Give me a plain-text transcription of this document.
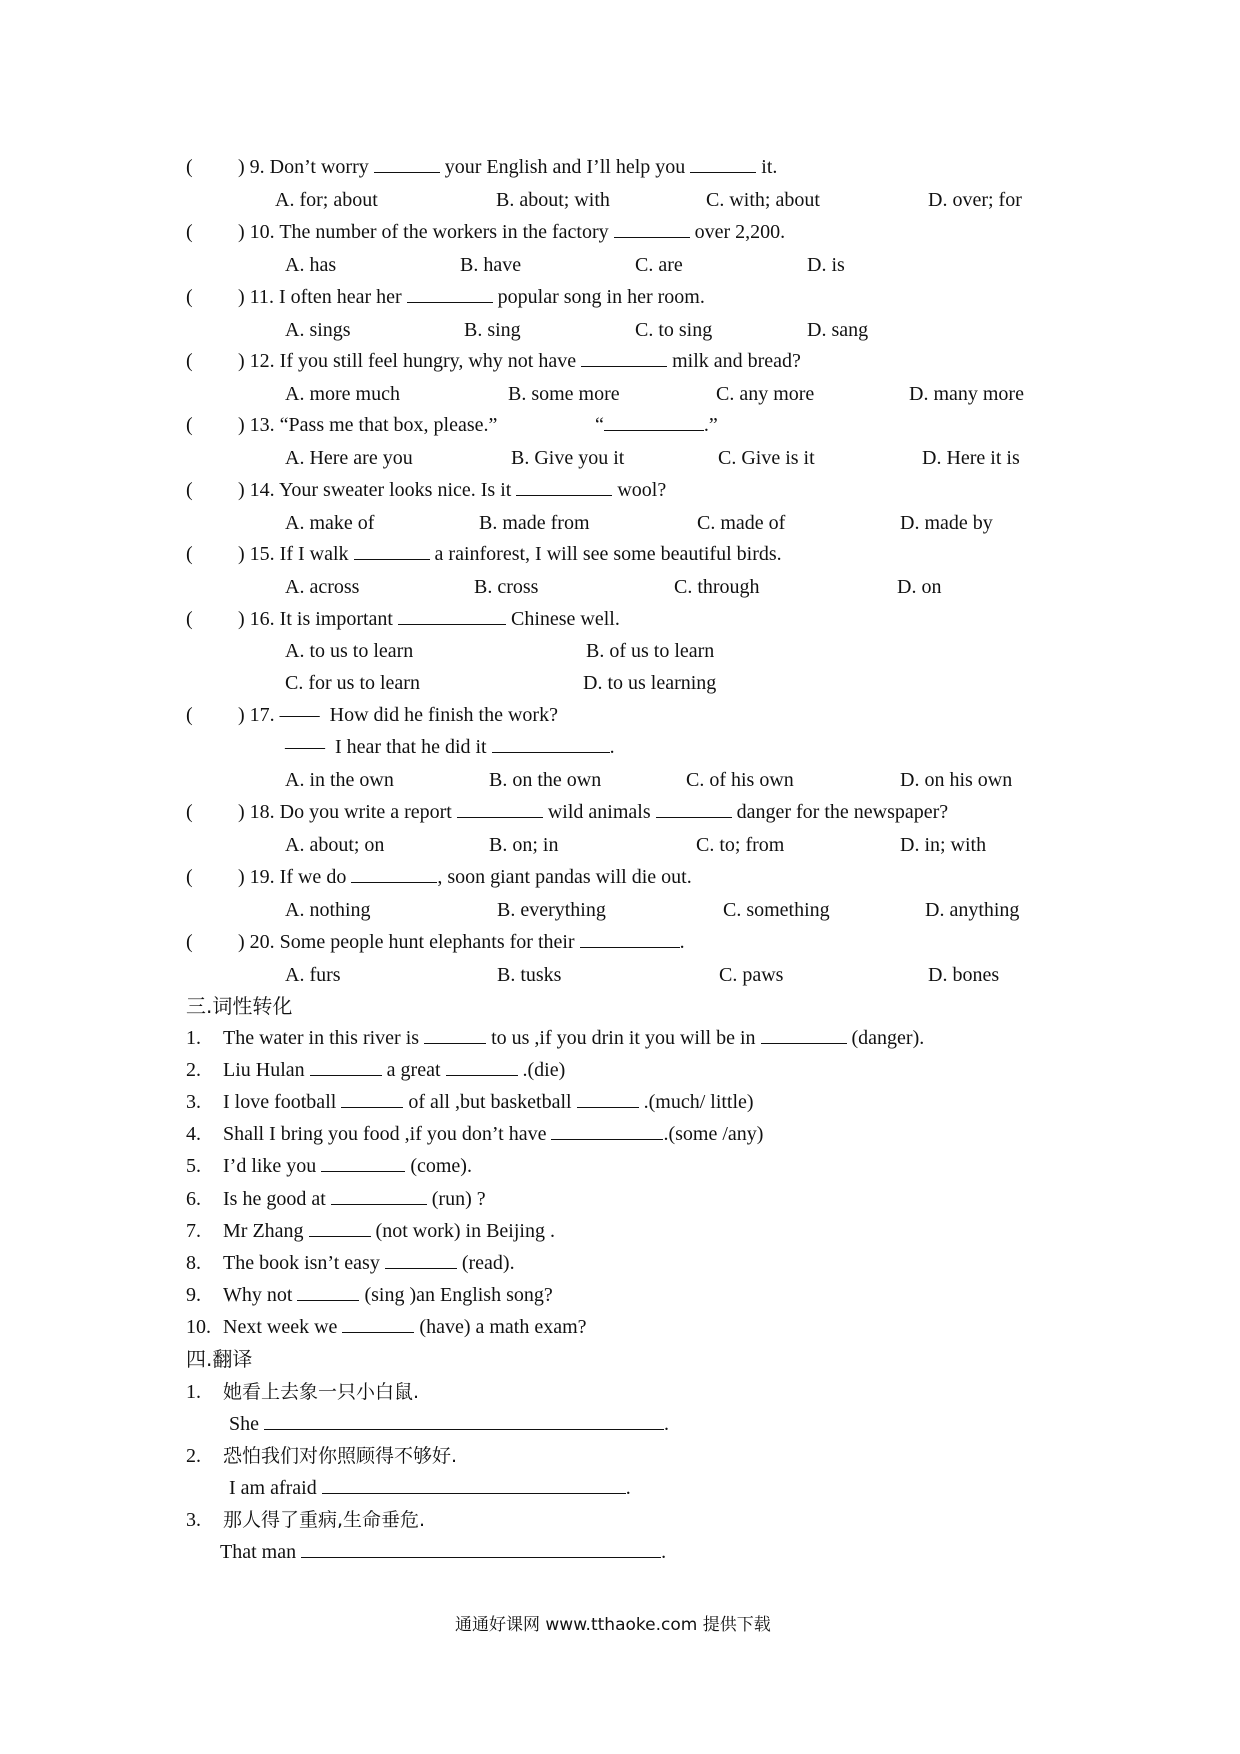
( ) 9. Don’t worry	your English and I’ll help you	it.
A. for; about	B. about; with	C. with; about	D. over; for
( ) 10. The number of the workers in the factory	over 2,200.
A. has	B. have	C. are	D. is
( ) 11. I often hear her	popular song in her room.
A. sings	B. sing	C. to sing	D. sang
( ) 12. If you still feel hungry, why not have	milk and bread?
A. more much	B. some more	C. any more	D. many more
( ) 13. “Pass me that box, please.”	“	.”
A. Here are you	B. Give you it	C. Give is it	D. Here it is
( ) 14. Your sweater looks nice. Is it	wool?
A. make of	B. made from	C. made of	D. made by
( ) 15. If I walk	a rainforest, I will see some beautiful birds.
A. across	B. cross	C. through	D. on
( ) 16. It is important	Chinese well.
A. to us to learn	B. of us to learn
C. for us to learn	D. to us learning
( ) 17. —— How did he finish the work?
—— I hear that he did it	.
A. in the own	B. on the own	C. of his own	D. on his own
( ) 18. Do you write a report	wild animals	danger for the newspaper?
A. about; on	B. on; in	C. to; from	D. in; with
( ) 19. If we do	, soon giant pandas will die out.
A. nothing	B. everything	C. something	D. anything
( ) 20. Some people hunt elephants for their	.
A. furs	B. tusks	C. paws	D. bones
三.词性转化
1. The water in this river is	to us ,if you drin it you will be in	(danger).
2. Liu Hulan	a great	.(die)
3. I love football	of all ,but basketball	.(much/ little)
4. Shall I bring you food ,if you don’t have	.(some /any)
5. I’d like you	(come).
6. Is he good at	(run) ?
7. Mr Zhang	(not work) in Beijing .
8. The book isn’t easy	(read).
9. Why not	(sing )an English song?
10. Next week we	(have) a math exam?
四.翻译
1. 她看上去象一只小白鼠.
She	.
2. 恐怕我们对你照顾得不够好.
I am afraid	.
3. 那人得了重病,生命垂危.
That man	.
通通好课网 www.tthaoke.com 提供下载
